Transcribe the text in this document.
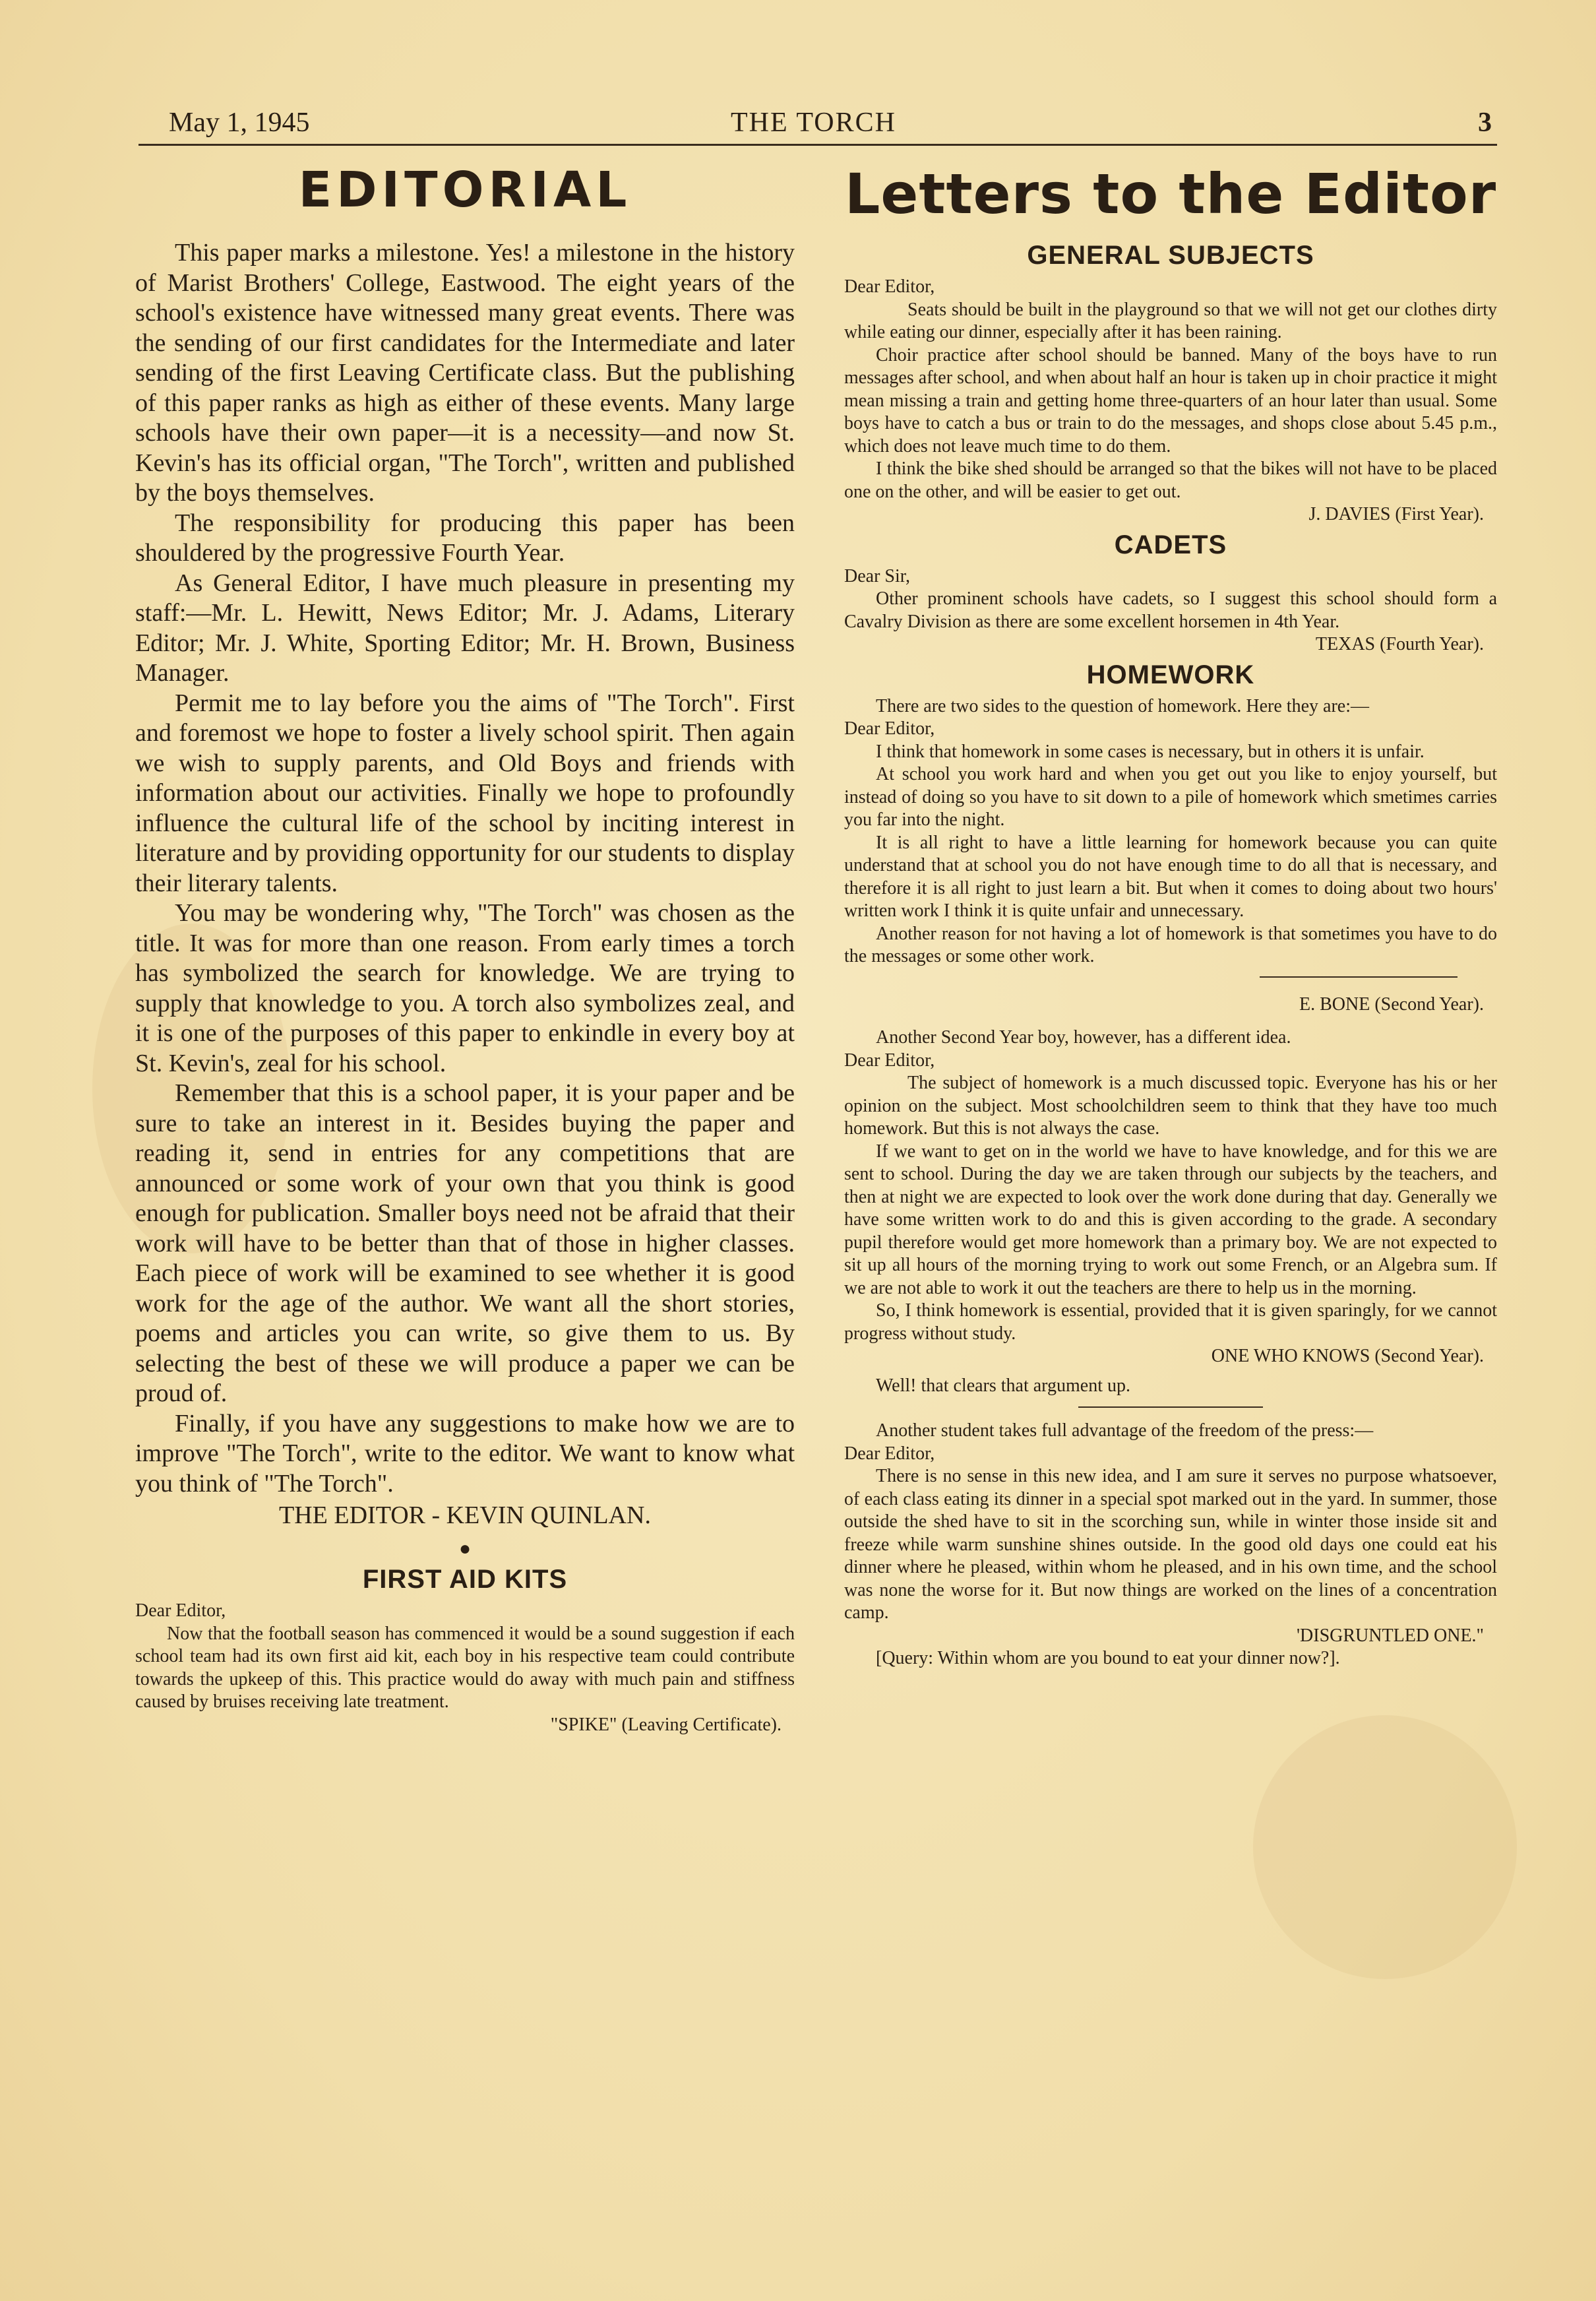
May 1, 1945	THE TORCH	3
EDITORIAL

This paper marks a milestone. Yes! a milestone in the history of Marist Brothers' College, Eastwood. The eight years of the school's existence have witnessed many great events. There was the sending of our first candidates for the Intermediate and later sending of the first Leaving Certificate class. But the publishing of this paper ranks as high as either of these events. Many large schools have their own paper—it is a necessity—and now St. Kevin's has its official organ, "The Torch", written and published by the boys themselves.

The responsibility for producing this paper has been shouldered by the progressive Fourth Year.

As General Editor, I have much pleasure in presenting my staff:—Mr. L. Hewitt, News Editor; Mr. J. Adams, Literary Editor; Mr. J. White, Sporting Editor; Mr. H. Brown, Business Manager.

Permit me to lay before you the aims of "The Torch". First and foremost we hope to foster a lively school spirit. Then again we wish to supply parents, and Old Boys and friends with information about our activities. Finally we hope to profoundly influence the cultural life of the school by inciting interest in literature and by providing opportunity for our students to display their literary talents.

You may be wondering why, "The Torch" was chosen as the title. It was for more than one reason. From early times a torch has symbolized the search for knowledge. We are trying to supply that knowledge to you. A torch also symbolizes zeal, and it is one of the purposes of this paper to enkindle in every boy at St. Kevin's, zeal for his school.

Remember that this is a school paper, it is your paper and be sure to take an interest in it. Besides buying the paper and reading it, send in entries for any competitions that are announced or some work of your own that you think is good enough for publication. Smaller boys need not be afraid that their work will have to be better than that of those in higher classes. Each piece of work will be examined to see whether it is good work for the age of the author. We want all the short stories, poems and articles you can write, so give them to us. By selecting the best of these we will produce a paper we can be proud of.

Finally, if you have any suggestions to make how we are to improve "The Torch", write to the editor. We want to know what you think of "The Torch".

THE EDITOR - KEVIN QUINLAN.
●
FIRST AID KITS

Dear Editor,

Now that the football season has commenced it would be a sound suggestion if each school team had its own first aid kit, each boy in his respective team could contribute towards the upkeep of this. This practice would do away with much pain and stiffness caused by bruises receiving late treatment.

"SPIKE" (Leaving Certificate).

Letters to the Editor
GENERAL SUBJECTS

Dear Editor,

Seats should be built in the playground so that we will not get our clothes dirty while eating our dinner, especially after it has been raining.

Choir practice after school should be banned. Many of the boys have to run messages after school, and when about half an hour is taken up in choir practice it might mean missing a train and getting home three-quarters of an hour later than usual. Some boys have to catch a bus or train to do the messages, and shops close about 5.45 p.m., which does not leave much time to do them.

I think the bike shed should be arranged so that the bikes will not have to be placed one on the other, and will be easier to get out.

J. DAVIES (First Year).

CADETS

Dear Sir,

Other prominent schools have cadets, so I suggest this school should form a Cavalry Division as there are some excellent horsemen in 4th Year.

TEXAS (Fourth Year).

HOMEWORK

There are two sides to the question of homework. Here they are:—

Dear Editor,

I think that homework in some cases is necessary, but in others it is unfair.

At school you work hard and when you get out you like to enjoy yourself, but instead of doing so you have to sit down to a pile of homework which smetimes carries you far into the night.

It is all right to have a little learning for homework because you can quite understand that at school you do not have enough time to do all that is necessary, and therefore it is all right to just learn a bit. But when it comes to doing about two hours' written work I think it is quite unfair and unnecessary.

Another reason for not having a lot of homework is that sometimes you have to do the messages or some other work.

E. BONE (Second Year).

Another Second Year boy, however, has a different idea.

Dear Editor,

The subject of homework is a much discussed topic. Everyone has his or her opinion on the subject. Most schoolchildren seem to think that they have too much homework. But this is not always the case.

If we want to get on in the world we have to have knowledge, and for this we are sent to school. During the day we are taken through our subjects by the teachers, and then at night we are expected to look over the work done during that day. Generally we have some written work to do and this is given according to the grade. A secondary pupil therefore would get more homework than a primary boy. We are not expected to sit up all hours of the morning trying to work out some French, or an Algebra sum. If we are not able to work it out the teachers are there to help us in the morning.

So, I think homework is essential, provided that it is given sparingly, for we cannot progress without study.

ONE WHO KNOWS (Second Year).

Well! that clears that argument up.

Another student takes full advantage of the freedom of the press:—

Dear Editor,

There is no sense in this new idea, and I am sure it serves no purpose whatsoever, of each class eating its dinner in a special spot marked out in the yard. In summer, those outside the shed have to sit in the scorching sun, while in winter those inside sit and freeze while warm sunshine shines outside. In the good old days one could eat his dinner where he pleased, within whom he pleased, and in his own time, and the school was none the worse for it. But now things are worked on the lines of a concentration camp.

'DISGRUNTLED ONE."

[Query: Within whom are you bound to eat your dinner now?].
